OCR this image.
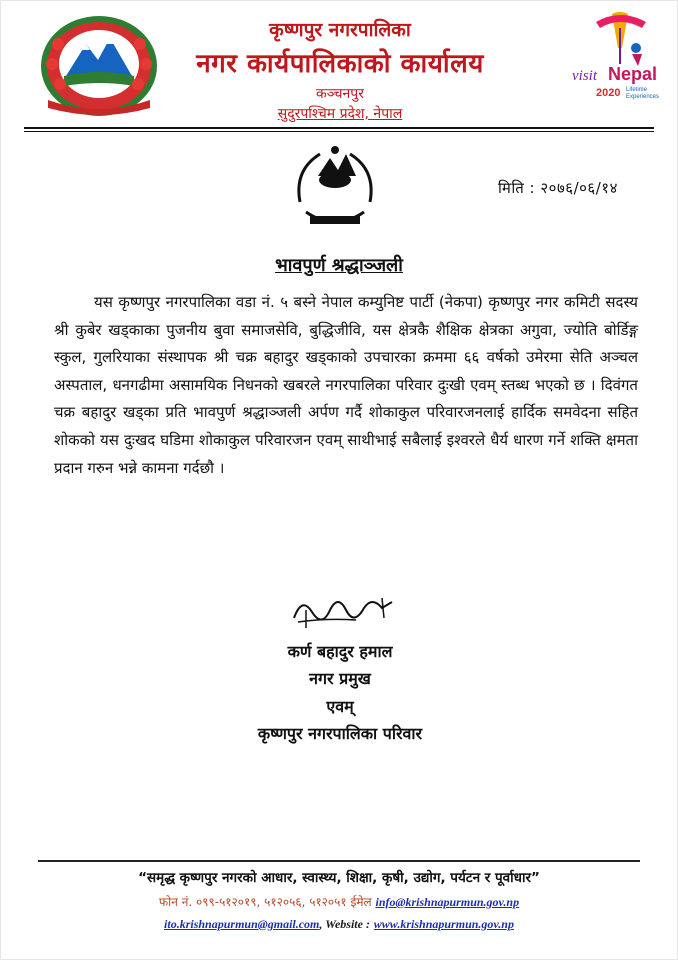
कृष्णपुर नगरपालिका
नगर कार्यपालिकाको कार्यालय
कञ्चनपुर
सुदुरपश्चिम प्रदेश, नेपाल
visit Nepal
2020 Lifetime
Experiences
मिति : २०७६/०६/१४
भावपुर्ण श्रद्धाञ्जली
यस कृष्णपुर नगरपालिका वडा नं. ५ बस्ने नेपाल कम्युनिष्ट पार्टी (नेकपा) कृष्णपुर नगर कमिटी सदस्य श्री कुबेर खड्काका पुजनीय बुवा समाजसेवि, बुद्धिजीवि, यस क्षेत्रकै शैक्षिक क्षेत्रका अगुवा, ज्योति बोर्डिङ्ग स्कुल, गुलरियाका संस्थापक श्री चक्र बहादुर खड्काको उपचारका क्रममा ६६ वर्षको उमेरमा सेति अञ्चल अस्पताल, धनगढीमा असामयिक निधनको खबरले नगरपालिका परिवार दुःखी एवम् स्तब्ध भएको छ । दिवंगत चक्र बहादुर खड्का प्रति भावपुर्ण श्रद्धाञ्जली अर्पण गर्दै शोकाकुल परिवारजनलाई हार्दिक समवेदना सहित शोकको यस दुःखद घडिमा शोकाकुल परिवारजन एवम् साथीभाई सबैलाई इश्वरले धैर्य धारण गर्ने शक्ति क्षमता प्रदान गरुन भन्ने कामना गर्दछौ ।
कर्ण बहादुर हमाल
नगर प्रमुख
एवम्
कृष्णपुर नगरपालिका परिवार
“समृद्ध कृष्णपुर नगरको आधार, स्वास्थ्य, शिक्षा, कृषी, उद्योग, पर्यटन र पूर्वाधार”
फोन नं. ०९९-५१२०१९, ५१२०५६, ५१२०५१ ईमेल info@krishnapurmun.gov.np
ito.krishnapurmun@gmail.com, Website : www.krishnapurmun.gov.np
